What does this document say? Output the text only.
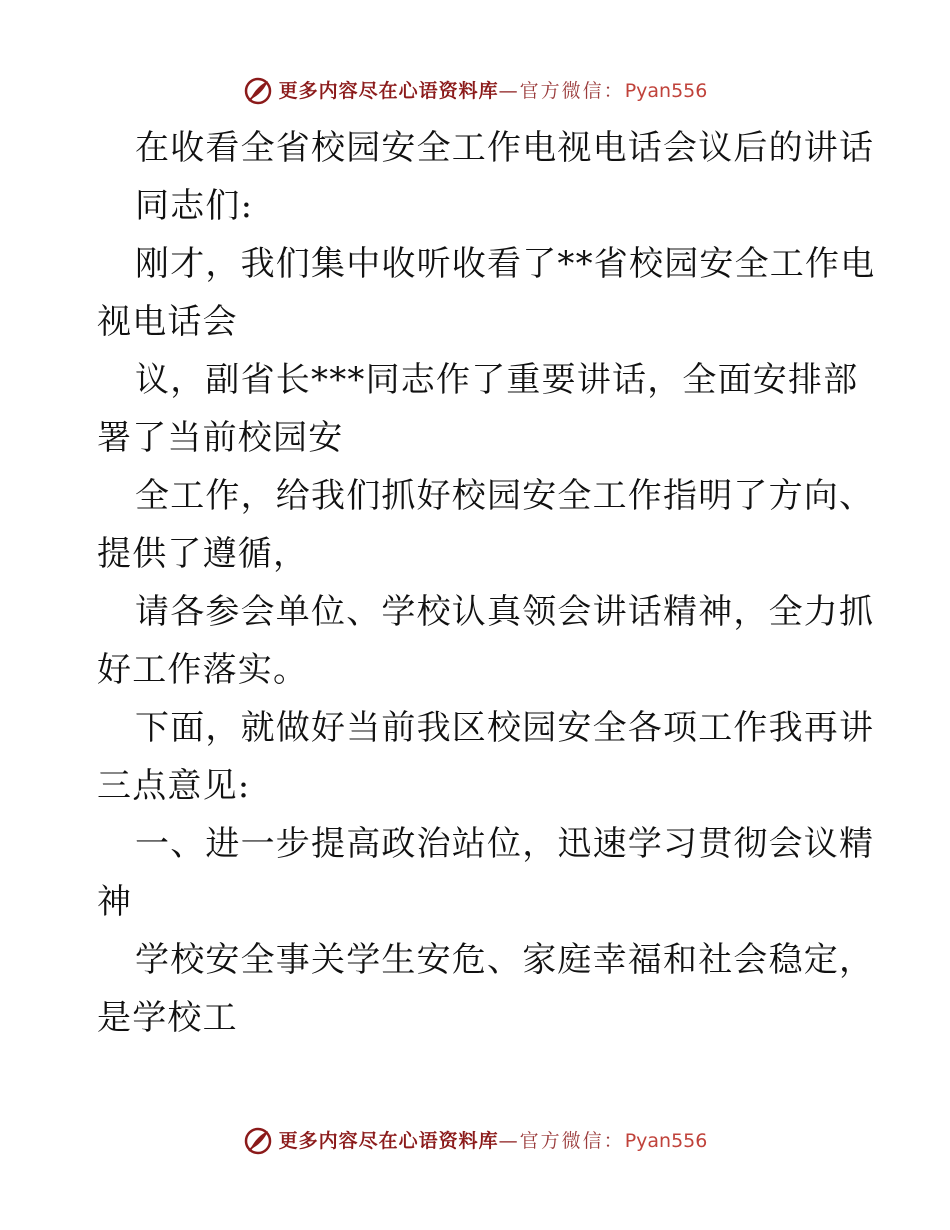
更多内容尽在心语资料库 — 官方微信： Pyan556
在收看全省校园安全工作电视电话会议后的讲话
同志们:
刚才，我们集中收听收看了**省校园安全工作电
视电话会
议，副省长***同志作了重要讲话，全面安排部
署了当前校园安
全工作，给我们抓好校园安全工作指明了方向、
提供了遵循，
请各参会单位、学校认真领会讲话精神，全力抓
好工作落实。
下面，就做好当前我区校园安全各项工作我再讲
三点意见:
一、进一步提高政治站位，迅速学习贯彻会议精
神
学校安全事关学生安危、家庭幸福和社会稳定，
是学校工
更多内容尽在心语资料库 — 官方微信： Pyan556
